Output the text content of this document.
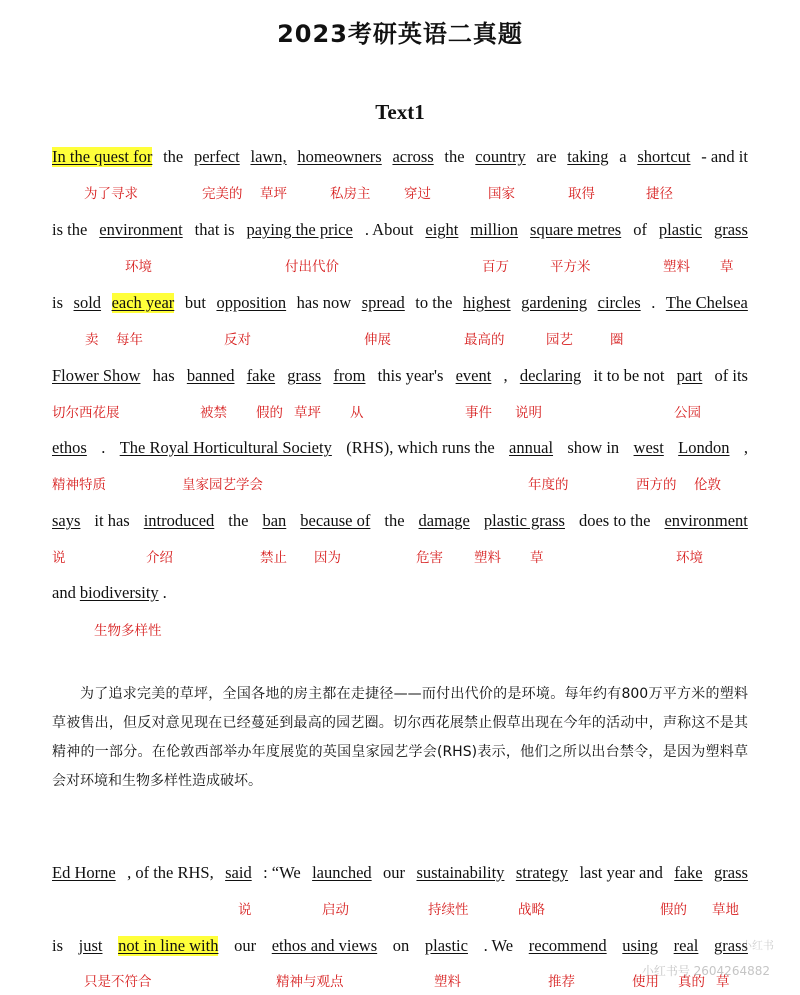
2023考研英语二真题
Text1
In the quest for the perfect lawn, homeowners across the country are taking a shortcut - and it
is the environment that is paying the price . About eight million square metres of plastic grass
is sold each year but opposition has now spread to the highest gardening circles . The Chelsea
Flower Show has banned fake grass from this year's event , declaring it to be not part of its
ethos . The Royal Horticultural Society (RHS), which runs the annual show in west London ,
says it has introduced the ban because of the damage plastic grass does to the environment
and biodiversity .
Ed Horne , of the RHS, said : “We launched our sustainability strategy last year and fake grass
is just not in line with our ethos and views on plastic . We recommend using real grass
为了寻求	完美的 草坪	私房主 穿过	国家	取得	捷径
环境	付出代价	百万	平方米	塑料 草
卖 每年	反对	伸展	最高的	园艺	圈
切尔西花展	被禁 假的 草坪 从	事件 说明	公园
精神特质	皇家园艺学会	年度的	西方的 伦敦
说	介绍	禁止 因为	危害 塑料 草	环境
生物多样性
说	启动	持续性	战略	假的 草地
只是不符合	精神与观点	塑料	推荐	使用 真的 草

为了追求完美的草坪，全国各地的房主都在走捷径——而付出代价的是环境。每年约有800万平方米的塑料草被售出，但反对意见现在已经蔓延到最高的园艺圈。切尔西花展禁止假草出现在今年的活动中，声称这不是其精神的一部分。在伦敦西部举办年度展览的英国皇家园艺学会(RHS)表示，他们之所以出台禁令，是因为塑料草会对环境和生物多样性造成破坏。

小红书
小红书号 2604264882
